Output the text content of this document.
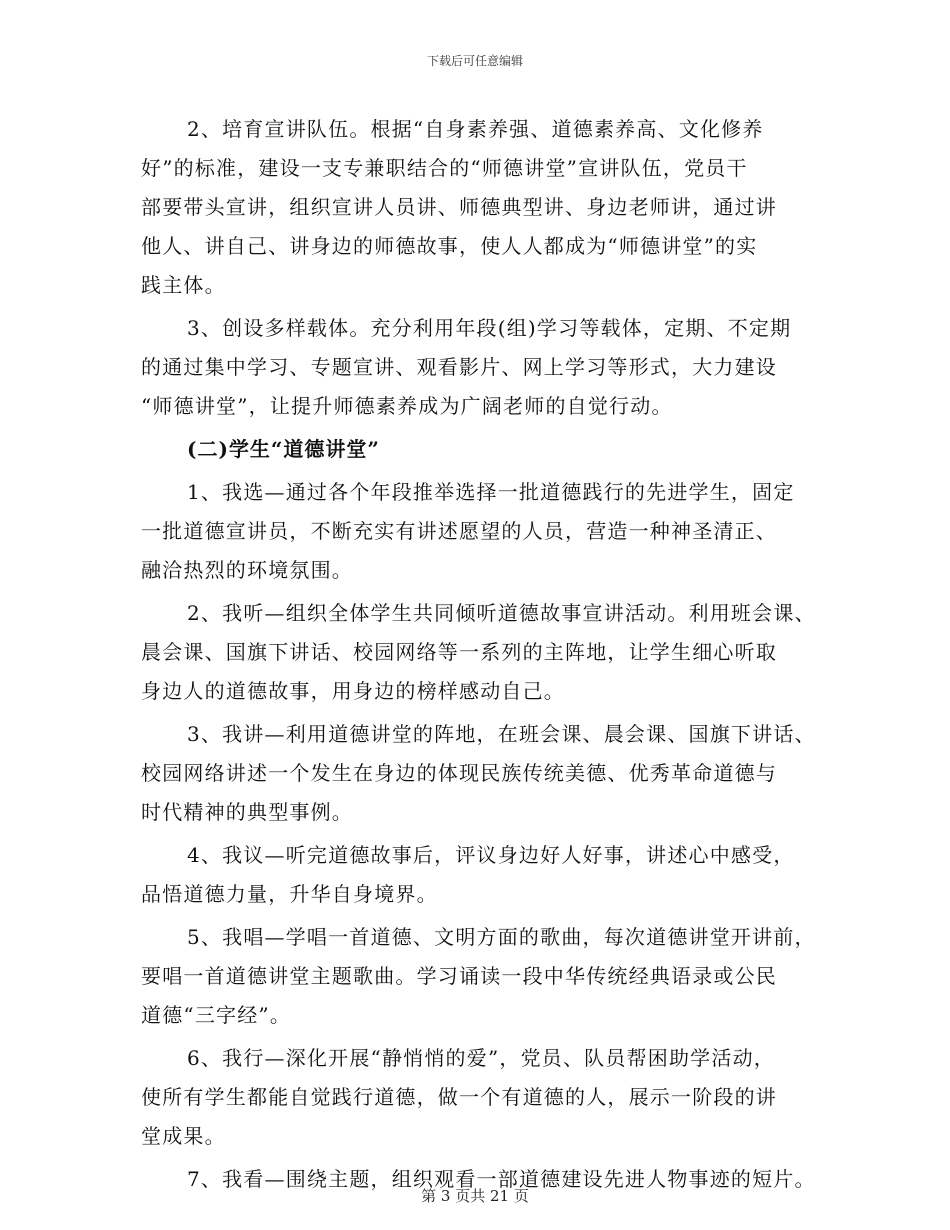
下载后可任意编辑
2、培育宣讲队伍。根据“自身素养强、道德素养高、文化修养
好”的标准，建设一支专兼职结合的“师德讲堂”宣讲队伍，党员干
部要带头宣讲，组织宣讲人员讲、师德典型讲、身边老师讲，通过讲
他人、讲自己、讲身边的师德故事，使人人都成为“师德讲堂”的实
践主体。
3、创设多样载体。充分利用年段(组)学习等载体，定期、不定期
的通过集中学习、专题宣讲、观看影片、网上学习等形式，大力建设
“师德讲堂”，让提升师德素养成为广阔老师的自觉行动。
(二)学生“道德讲堂”
1、我选—通过各个年段推举选择一批道德践行的先进学生，固定
一批道德宣讲员，不断充实有讲述愿望的人员，营造一种神圣清正、
融洽热烈的环境氛围。
2、我听—组织全体学生共同倾听道德故事宣讲活动。利用班会课、
晨会课、国旗下讲话、校园网络等一系列的主阵地，让学生细心听取
身边人的道德故事，用身边的榜样感动自己。
3、我讲—利用道德讲堂的阵地，在班会课、晨会课、国旗下讲话、
校园网络讲述一个发生在身边的体现民族传统美德、优秀革命道德与
时代精神的典型事例。
4、我议—听完道德故事后，评议身边好人好事，讲述心中感受，
品悟道德力量，升华自身境界。
5、我唱—学唱一首道德、文明方面的歌曲，每次道德讲堂开讲前，
要唱一首道德讲堂主题歌曲。学习诵读一段中华传统经典语录或公民
道德“三字经”。
6、我行—深化开展“静悄悄的爱”，党员、队员帮困助学活动，
使所有学生都能自觉践行道德，做一个有道德的人，展示一阶段的讲
堂成果。
7、我看—围绕主题，组织观看一部道德建设先进人物事迹的短片。
第 3 页共 21 页
